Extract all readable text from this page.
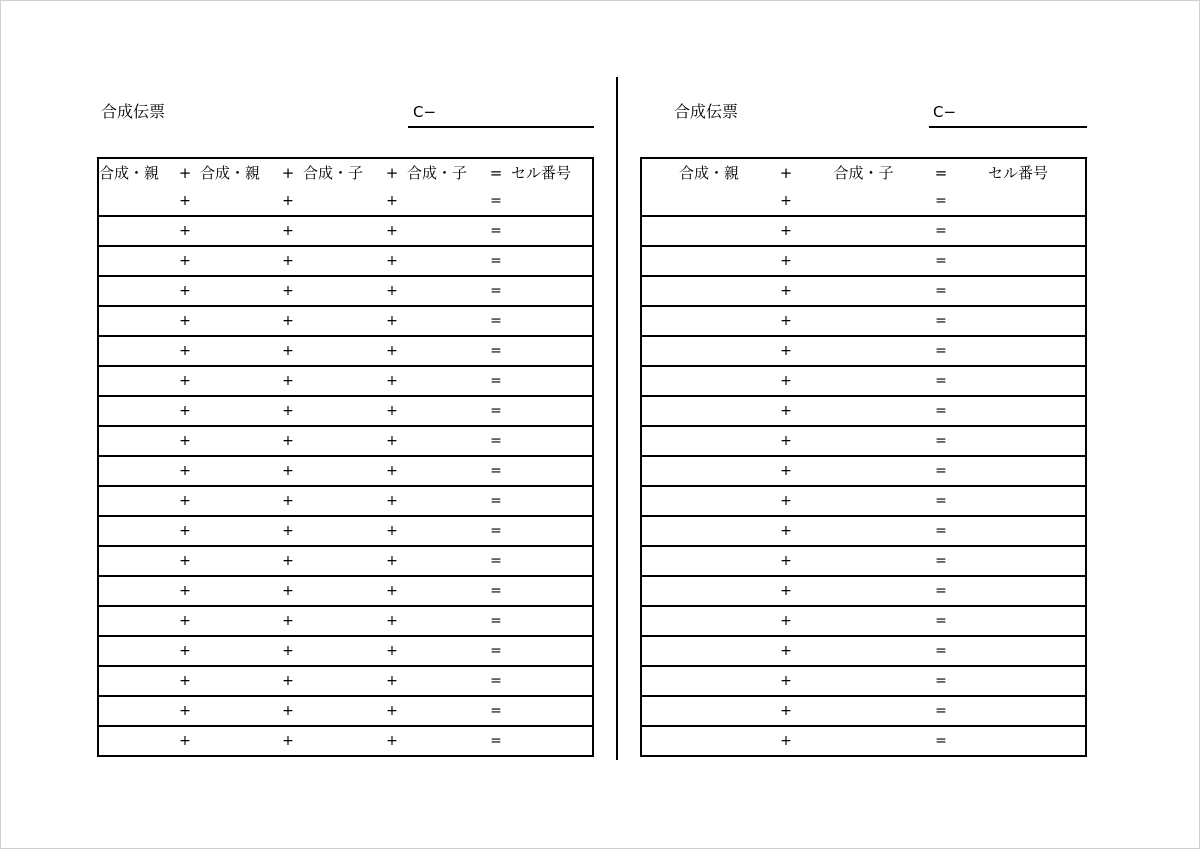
合成伝票	C−	合成伝票	C−
合成・親	+	合成・親	+	合成・子	+	合成・子	=	セル番号
	+		+		+		=	
	+		+		+		=	
	+		+		+		=	
	+		+		+		=	
	+		+		+		=	
	+		+		+		=	
	+		+		+		=	
	+		+		+		=	
	+		+		+		=	
	+		+		+		=	
	+		+		+		=	
	+		+		+		=	
	+		+		+		=	
	+		+		+		=	
	+		+		+		=	
	+		+		+		=	
	+		+		+		=	
	+		+		+		=	
	+		+		+		=	
合成・親	+	合成・子	=	セル番号
	+		=	
	+		=	
	+		=	
	+		=	
	+		=	
	+		=	
	+		=	
	+		=	
	+		=	
	+		=	
	+		=	
	+		=	
	+		=	
	+		=	
	+		=	
	+		=	
	+		=	
	+		=	
	+		=	
